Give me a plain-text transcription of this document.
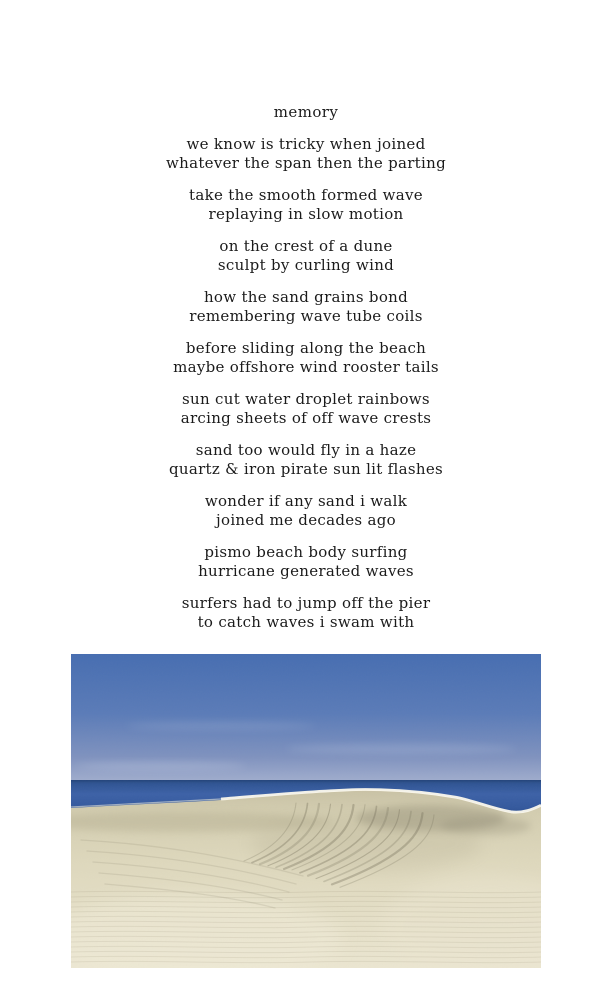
memory

we know is tricky when joined

whatever the span then the parting

take the smooth formed wave

replaying in slow motion

on the crest of a dune

sculpt by curling wind

how the sand grains bond

remembering wave tube coils

before sliding along the beach

maybe offshore wind rooster tails

sun cut water droplet rainbows

arcing sheets of off wave crests

sand too would fly in a haze

quartz & iron pirate sun lit flashes

wonder if any sand i walk

joined me decades ago

pismo beach body surfing

hurricane generated waves

surfers had to jump off the pier

to catch waves i swam with
